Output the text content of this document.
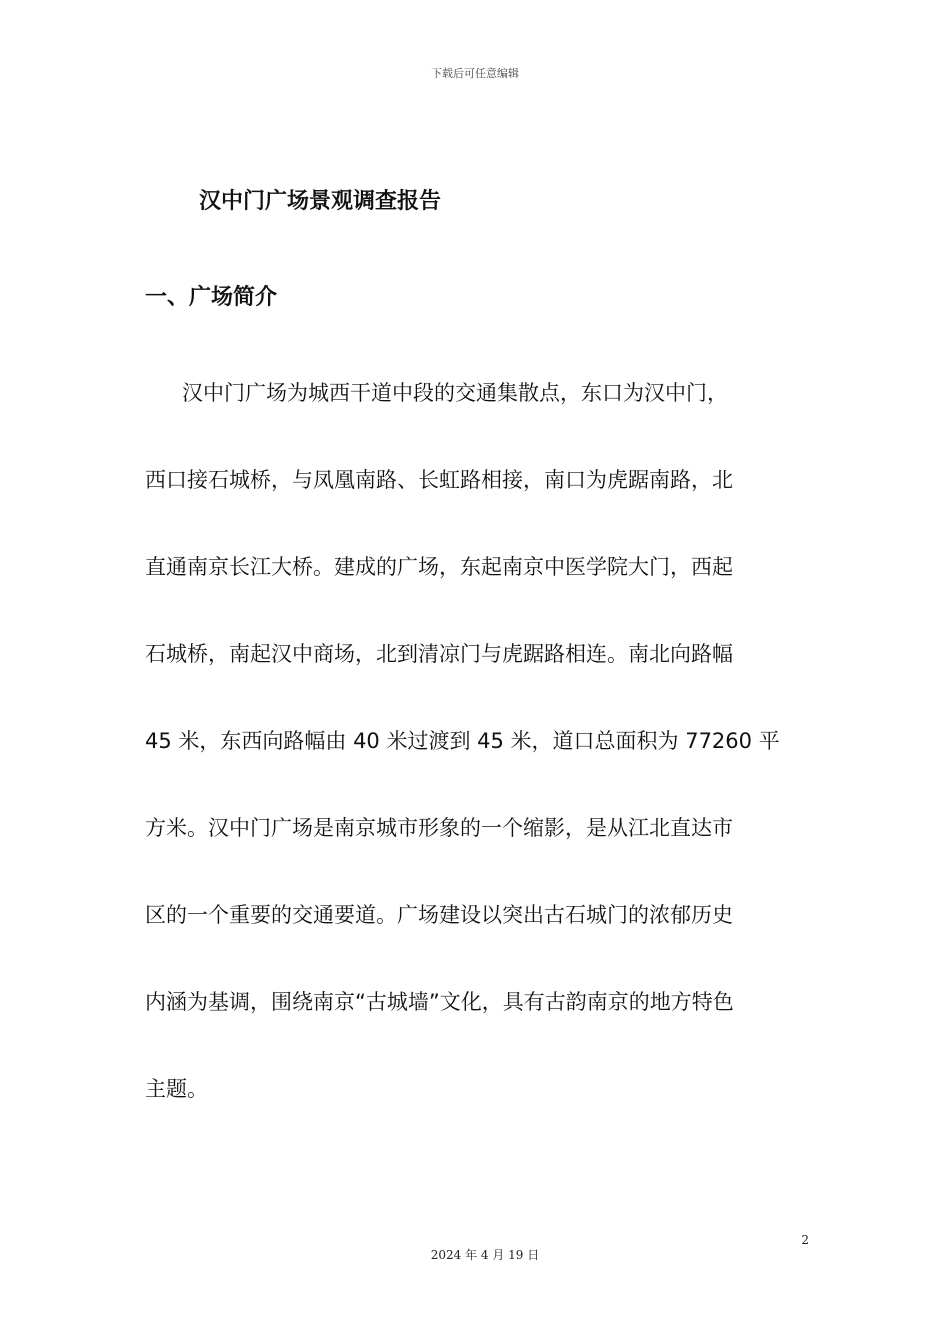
下载后可任意编辑
汉中门广场景观调查报告
一、广场简介
汉中门广场为城西干道中段的交通集散点，东口为汉中门，
西口接石城桥，与凤凰南路、长虹路相接，南口为虎踞南路，北
直通南京长江大桥。建成的广场，东起南京中医学院大门，西起
石城桥，南起汉中商场，北到清凉门与虎踞路相连。南北向路幅
45 米，东西向路幅由 40 米过渡到 45 米，道口总面积为 77260 平
方米。汉中门广场是南京城市形象的一个缩影，是从江北直达市
区的一个重要的交通要道。广场建设以突出古石城门的浓郁历史
内涵为基调，围绕南京“古城墙”文化，具有古韵南京的地方特色
主题。
2
2024 年 4 月 19 日
